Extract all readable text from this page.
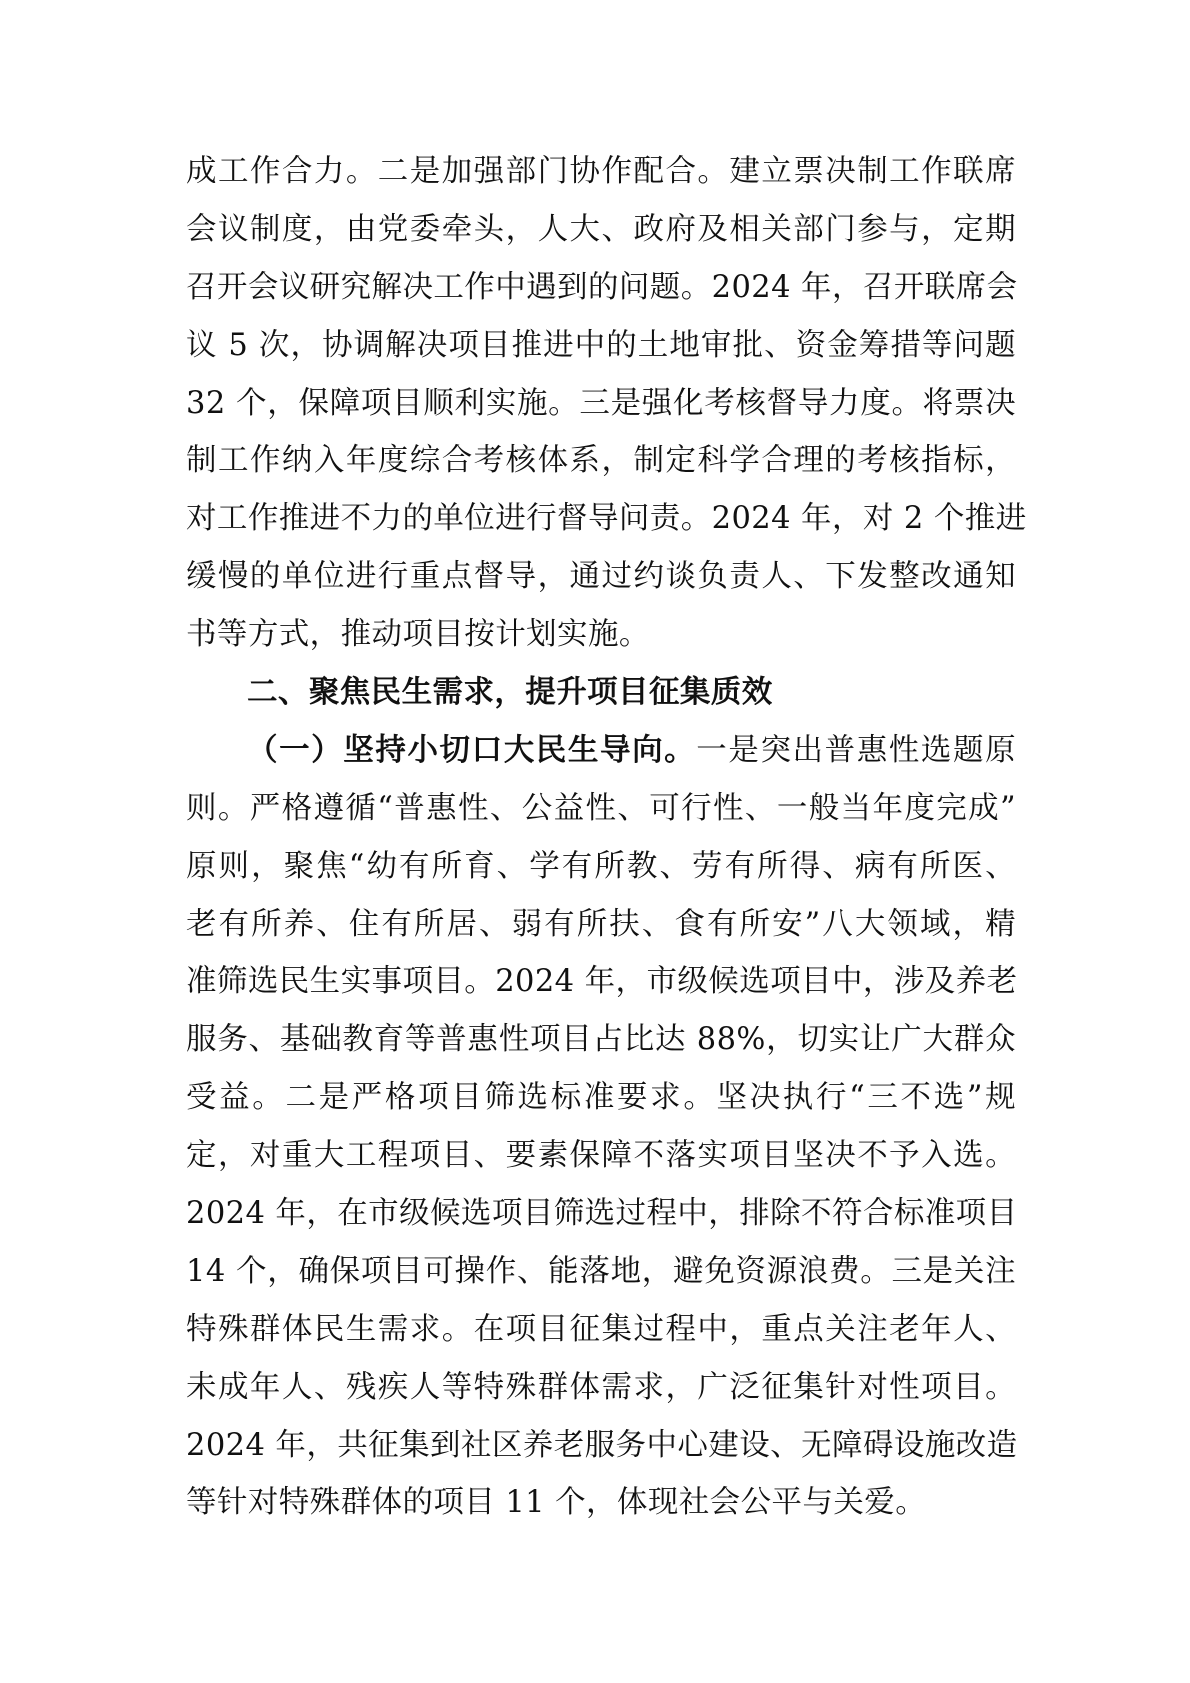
成工作合力。二是加强部门协作配合。建立票决制工作联席
会议制度，由党委牵头，人大、政府及相关部门参与，定期
召开会议研究解决工作中遇到的问题。2024 年，召开联席会
议 5 次，协调解决项目推进中的土地审批、资金筹措等问题
32 个，保障项目顺利实施。三是强化考核督导力度。将票决
制工作纳入年度综合考核体系，制定科学合理的考核指标，
对工作推进不力的单位进行督导问责。2024 年，对 2 个推进
缓慢的单位进行重点督导，通过约谈负责人、下发整改通知
书等方式，推动项目按计划实施。
二、聚焦民生需求，提升项目征集质效
（一）坚持小切口大民生导向。一是突出普惠性选题原
则。严格遵循“普惠性、公益性、可行性、一般当年度完成”
原则，聚焦“幼有所育、学有所教、劳有所得、病有所医、
老有所养、住有所居、弱有所扶、食有所安”八大领域，精
准筛选民生实事项目。2024 年，市级候选项目中，涉及养老
服务、基础教育等普惠性项目占比达 88%，切实让广大群众
受益。二是严格项目筛选标准要求。坚决执行“三不选”规
定，对重大工程项目、要素保障不落实项目坚决不予入选。
2024 年，在市级候选项目筛选过程中，排除不符合标准项目
14 个，确保项目可操作、能落地，避免资源浪费。三是关注
特殊群体民生需求。在项目征集过程中，重点关注老年人、
未成年人、残疾人等特殊群体需求，广泛征集针对性项目。
2024 年，共征集到社区养老服务中心建设、无障碍设施改造
等针对特殊群体的项目 11 个，体现社会公平与关爱。
